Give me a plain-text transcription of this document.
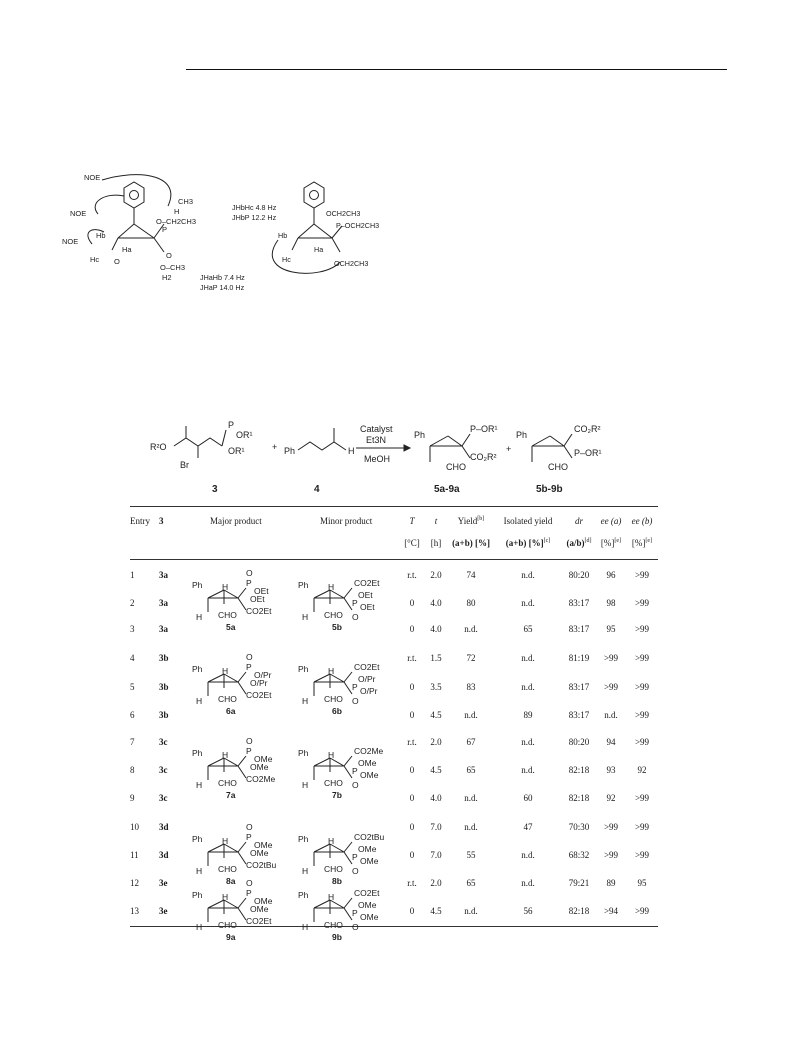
NOE
NOE
NOE
CH3
H
O–CH2CH3
P
Hb
Ha
Hc O
O
O–CH3
H2
JHbHc 4.8 Hz
JHbP 12.2 Hz
JHaHb 7.4 Hz
JHaP 14.0 Hz
OCH2CH3
P–OCH2CH3
OCH2CH3
Hb
Ha
Hc
R²O
Br
P
OR¹
OR¹	+ Ph	H
Catalyst
Et3N
MeOH
Ph
CHO
CO₂R²
P–OR¹
+
Ph
CHO
CO₂R²
P–OR¹
3	4	5a-9a	5b-9b
Entry 3	Major product	Minor product	T	t	Yield[b]	Isolated yield	dr	ee (a)	ee (b)
[°C]	[h]	(a+b) [%]	(a+b) [%][c]	(a/b)[d]	[%][e]	[%][e]
1	3a	r.t.	2.0	74	n.d.	80:20	96	>99
2	3a	0	4.0	80	n.d.	83:17	98	>99
3	3a	0	4.0	n.d.	65	83:17	95	>99
4	3b	r.t.	1.5	72	n.d.	81:19	>99	>99
5	3b	0	3.5	83	n.d.	83:17	>99	>99
6	3b	0	4.5	n.d.	89	83:17	n.d.	>99
7	3c	r.t.	2.0	67	n.d.	80:20	94	>99
8	3c	0	4.5	65	n.d.	82:18	93	92
9	3c	0	4.0	n.d.	60	82:18	92	>99
10 3d	0	7.0	n.d.	47	70:30	>99	>99
11 3d	0	7.0	55	n.d.	68:32	>99	>99
12 3e	r.t.	2.0	65	n.d.	79:21	89	95
13 3e	0	4.5	n.d.	56	82:18	>94	>99
Ph
H CHO
H
O
P
OEt
OEt
CO2Et
5a
Ph
H CHO
H CO2Et
OEt
P OEt
O
5b
Ph
H CHO
H
O
P
O/Pr
O/Pr
CO2Et
6a
Ph
H CHO
H CO2Et
O/Pr
P O/Pr
O
6b
Ph
H CHO
H
O
P
OMe
OMe
CO2Me
7a
Ph
H CHO
H CO2Me
OMe
P OMe
O
7b
Ph
H CHO
H
O
P
OMe
OMe
CO2tBu
8a
Ph
H CHO
H CO2tBu
OMe
P OMe
O
8b
Ph
H CHO
H
O
P
OMe
OMe
CO2Et
9a
Ph
H CHO
H CO2Et
OMe
P OMe
O
9b
